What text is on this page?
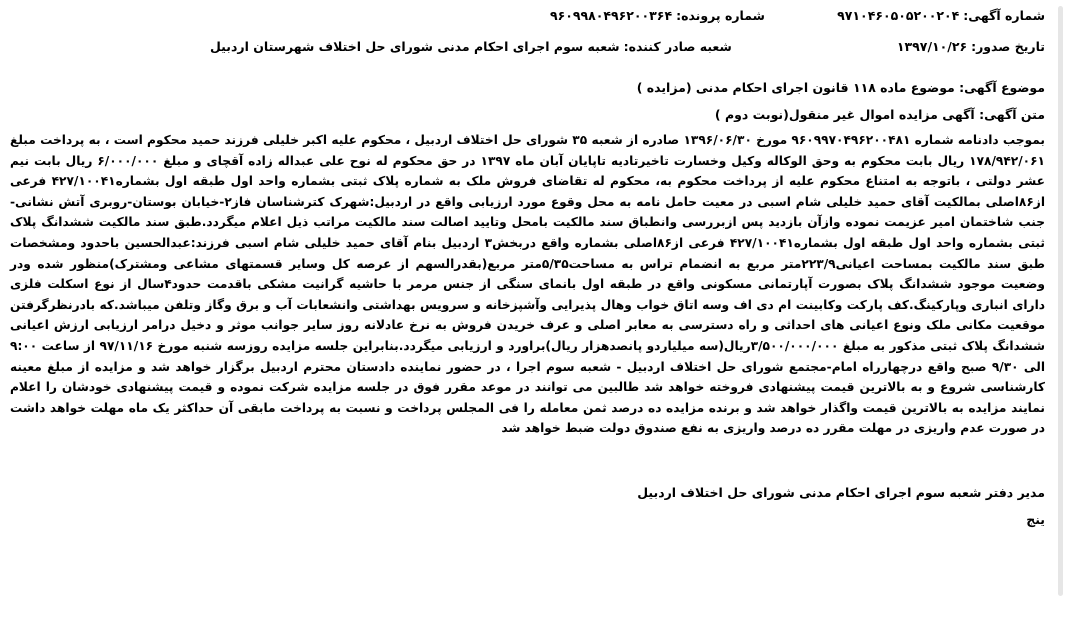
شماره آگهی:
۹۷۱۰۴۶۰۵۰۵۲۰۰۲۰۴
شماره پرونده:
۹۶۰۹۹۸۰۴۹۶۲۰۰۳۶۴
تاریخ صدور:
۱۳۹۷/۱۰/۲۶
شعبه صادر کننده:
شعبه سوم اجرای احکام مدنی شورای حل اختلاف شهرستان اردبیل
موضوع آگهی: موضوع ماده ۱۱۸ قانون اجرای احکام مدنی (مزایده )
متن آگهی: آگهی مزایده اموال غیر منقول(نوبت دوم )
بموجب دادنامه شماره ۹۶۰۹۹۷۰۴۹۶۲۰۰۴۸۱ مورخ ۱۳۹۶/۰۶/۳۰ صادره از شعبه ۳۵ شورای حل اختلاف اردبیل ، محکوم علیه اکبر خلیلی فرزند حمید محکوم است ، به پرداخت مبلغ ۱۷۸/۹۴۲/۰۶۱ ریال بابت محکوم به وحق الوکاله وکیل وخسارت تاخیرتادیه تاپایان آبان ماه ۱۳۹۷ در حق محکوم له نوح علی عبداله زاده آقچای و مبلغ ۶/۰۰۰/۰۰۰ ریال بابت نیم عشر دولتی ، باتوجه به امتناع محکوم علیه از پرداخت محکوم به، محکوم له تقاضای فروش ملک به شماره پلاک ثبتی بشماره واحد اول طبقه اول بشماره۴۲۷/۱۰۰۴۱ فرعی از۸۶اصلی بمالکیت آقای حمید خلیلی شام اسبی در معیت حامل نامه به محل وقوع مورد ارزیابی واقع در اردبیل:شهرک کترشناسان فاز۲-خیابان بوستان-روبری آتش نشانی-جنب شاختمان امیر عزیمت نموده وازآن بازدید پس ازبررسی وانطباق سند مالکیت بامحل وتایید اصالت سند مالکیت مراتب ذیل اعلام میگردد.طبق سند مالکیت ششدانگ پلاک ثبتی بشماره واحد اول طبقه اول بشماره۴۲۷/۱۰۰۴۱ فرعی از۸۶اصلی بشماره واقع دربخش۳ اردبیل بنام آقای حمید خلیلی شام اسبی فرزند:عبدالحسین باحدود ومشخصات طبق سند مالکیت بمساحت اعیانی۲۲۳/۹متر مربع به انضمام تراس به مساحت۵/۳۵متر مربع(بقدرالسهم از عرصه کل وسایر قسمتهای مشاعی ومشترک)منظور شده ودر وضعیت موجود ششدانگ پلاک بصورت آپارتمانی مسکونی واقع در طبقه اول بانمای سنگی از جنس مرمر با حاشیه گرانیت مشکی باقدمت حدود۴سال از نوع اسکلت فلزی دارای انباری وپارکینگ.کف پارکت وکابینت ام دی اف وسه اتاق خواب وهال پذیرایی وآشپزخانه و سرویس بهداشتی وانشعابات آب و برق وگاز وتلفن میباشد.که بادرنظرگرفتن موقعیت مکانی ملک ونوع اعیانی های احداثی و راه دسترسی به معابر اصلی و عرف خریدن فروش به نرخ عادلانه روز سایر جوانب موثر و دخیل درامر ارزیابی ارزش اعیانی ششدانگ پلاک ثبتی مذکور به مبلغ ۳/۵۰۰/۰۰۰/۰۰۰ریال(سه میلیاردو پانصدهزار ریال)براورد و ارزیابی میگردد.بنابراین جلسه مزایده روزسه شنبه مورخ ۹۷/۱۱/۱۶ از ساعت ۹:۰۰ الی ۹/۳۰ صبح واقع درچهارراه امام-مجتمع شورای حل اختلاف اردبیل - شعبه سوم اجرا ، در حضور نماینده دادستان محترم اردبیل برگزار خواهد شد و مزایده از مبلغ معینه کارشناسی شروع و به بالاترین قیمت پیشنهادی فروخته خواهد شد طالبین می توانند در موعد مقرر فوق در جلسه مزایده شرکت نموده و قیمت پیشنهادی خودشان را اعلام نمایند مزایده به بالاترین قیمت واگذار خواهد شد و برنده مزایده ده درصد ثمن معامله را فی المجلس پرداخت و نسبت به پرداخت مابقی آن حداکثر یک ماه مهلت خواهد داشت در صورت عدم واریزی در مهلت مقرر ده درصد واریزی به نفع صندوق دولت ضبط خواهد شد
مدیر دفتر شعبه سوم اجرای احکام مدنی شورای حل اختلاف اردبیل
ینج
